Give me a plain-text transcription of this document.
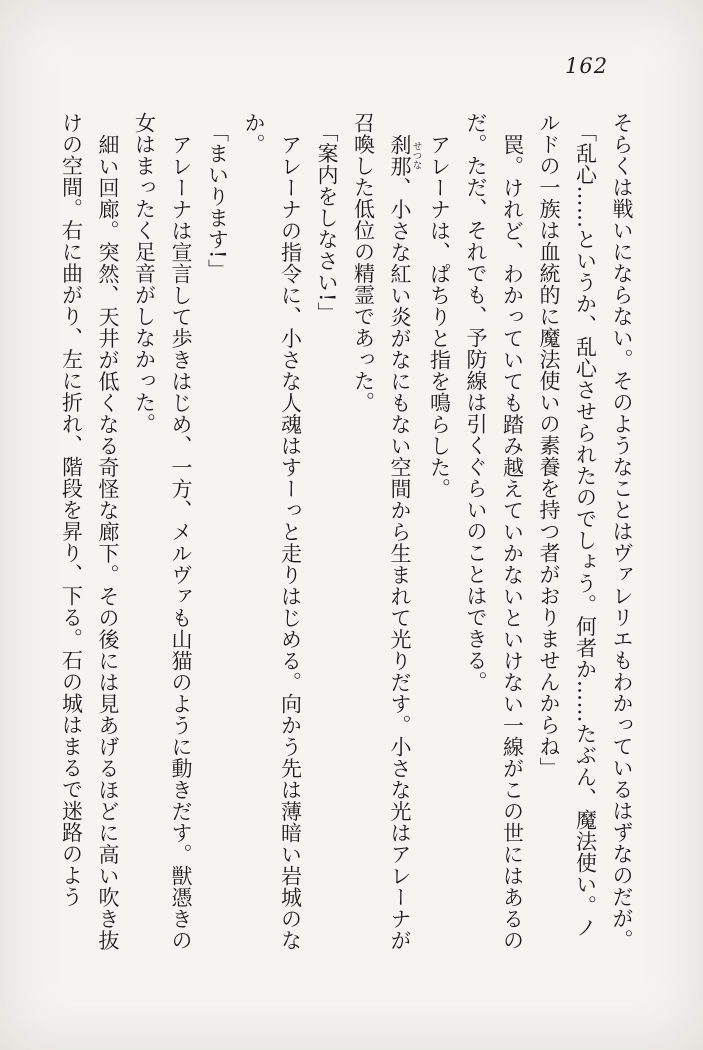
162

そらくは戦いにならない。そのようなことはヴァレリエもわかっているはずなのだが。

「乱心……というか、乱心させられたのでしょう。何者か……たぶん、魔法使い。ノルドの一族は血統的に魔法使いの素養を持つ者がおりませんからね」

罠。けれど、わかっていても踏み越えていかないといけない一線がこの世にはあるのだ。ただ、それでも、予防線は引くぐらいのことはできる。

アレーナは、ぱちりと指を鳴らした。

刹那せつな、小さな紅い炎がなにもない空間から生まれて光りだす。小さな光はアレーナが召喚した低位の精霊であった。

「案内をしなさい!」

アレーナの指令に、小さな人魂はすーっと走りはじめる。向かう先は薄暗い岩城のなか。

「まいります!」

アレーナは宣言して歩きはじめ、一方、メルヴァも山猫のように動きだす。獣憑きの女はまったく足音がしなかった。

細い回廊。突然、天井が低くなる奇怪な廊下。その後には見あげるほどに高い吹き抜けの空間。右に曲がり、左に折れ、階段を昇り、下る。石の城はまるで迷路のよう
